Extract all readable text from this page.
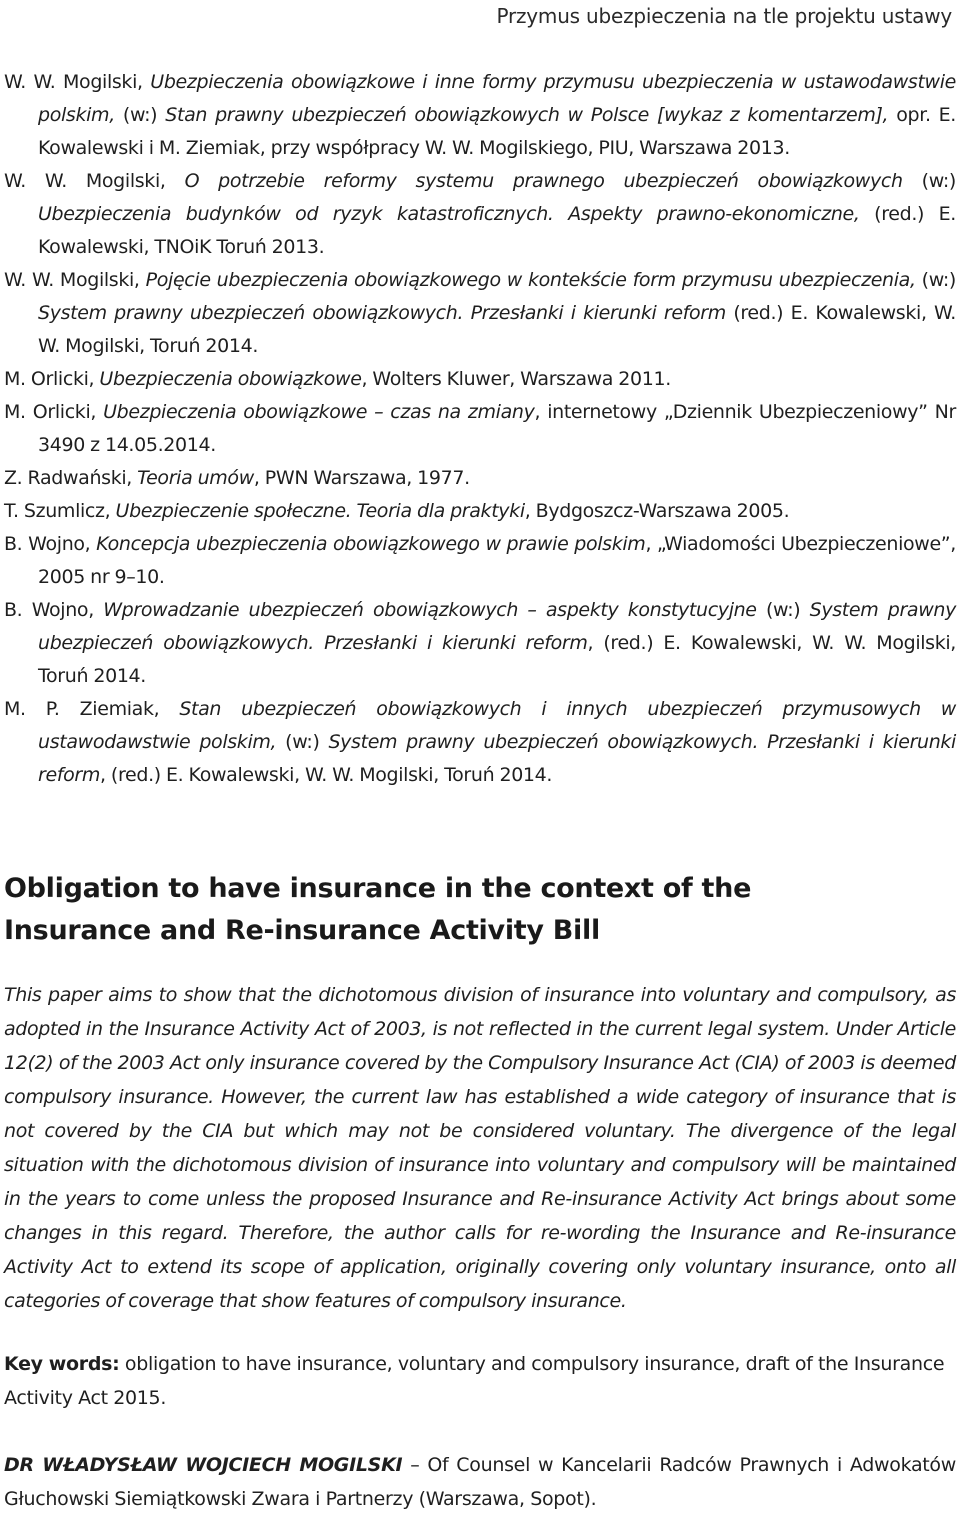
Przymus ubezpieczenia na tle projektu ustawy
W. W. Mogilski, Ubezpieczenia obowiązkowe i inne formy przymusu ubezpieczenia w ustawodawstwie polskim, (w:) Stan prawny ubezpieczeń obowiązkowych w Polsce [wykaz z komentarzem], opr. E. Kowalewski i M. Ziemiak, przy współpracy W. W. Mogilskiego, PIU, Warszawa 2013.
W. W. Mogilski, O potrzebie reformy systemu prawnego ubezpieczeń obowiązkowych (w:) Ubezpieczenia budynków od ryzyk katastroficznych. Aspekty prawno-ekonomiczne, (red.) E. Kowalewski, TNOiK Toruń 2013.
W. W. Mogilski, Pojęcie ubezpieczenia obowiązkowego w kontekście form przymusu ubezpieczenia, (w:) System prawny ubezpieczeń obowiązkowych. Przesłanki i kierunki reform (red.) E. Kowalewski, W. W. Mogilski, Toruń 2014.
M. Orlicki, Ubezpieczenia obowiązkowe, Wolters Kluwer, Warszawa 2011.
M. Orlicki, Ubezpieczenia obowiązkowe – czas na zmiany, internetowy „Dziennik Ubezpieczeniowy” Nr 3490 z 14.05.2014.
Z. Radwański, Teoria umów, PWN Warszawa, 1977.
T. Szumlicz, Ubezpieczenie społeczne. Teoria dla praktyki, Bydgoszcz-Warszawa 2005.
B. Wojno, Koncepcja ubezpieczenia obowiązkowego w prawie polskim, „Wiadomości Ubezpieczeniowe”, 2005 nr 9–10.
B. Wojno, Wprowadzanie ubezpieczeń obowiązkowych – aspekty konstytucyjne (w:) System prawny ubezpieczeń obowiązkowych. Przesłanki i kierunki reform, (red.) E. Kowalewski, W. W. Mogilski, Toruń 2014.
M. P. Ziemiak, Stan ubezpieczeń obowiązkowych i innych ubezpieczeń przymusowych w ustawodawstwie polskim, (w:) System prawny ubezpieczeń obowiązkowych. Przesłanki i kierunki reform, (red.) E. Kowalewski, W. W. Mogilski, Toruń 2014.
Obligation to have insurance in the context of the Insurance and Re-insurance Activity Bill

This paper aims to show that the dichotomous division of insurance into voluntary and compulsory, as adopted in the Insurance Activity Act of 2003, is not reflected in the current legal system. Under Article 12(2) of the 2003 Act only insurance covered by the Compulsory Insurance Act (CIA) of 2003 is deemed compulsory insurance. However, the current law has established a wide category of insurance that is not covered by the CIA but which may not be considered voluntary. The divergence of the legal situation with the dichotomous division of insurance into voluntary and compulsory will be maintained in the years to come unless the proposed Insurance and Re-insurance Activity Act brings about some changes in this regard. Therefore, the author calls for re-wording the Insurance and Re-insurance Activity Act to extend its scope of application, originally covering only voluntary insurance, onto all categories of coverage that show features of compulsory insurance.

Key words: obligation to have insurance, voluntary and compulsory insurance, draft of the Insurance Activity Act 2015.

DR WŁADYSŁAW WOJCIECH MOGILSKI – Of Counsel w Kancelarii Radców Prawnych i Adwokatów Głuchowski Siemiątkowski Zwara i Partnerzy (Warszawa, Sopot).
